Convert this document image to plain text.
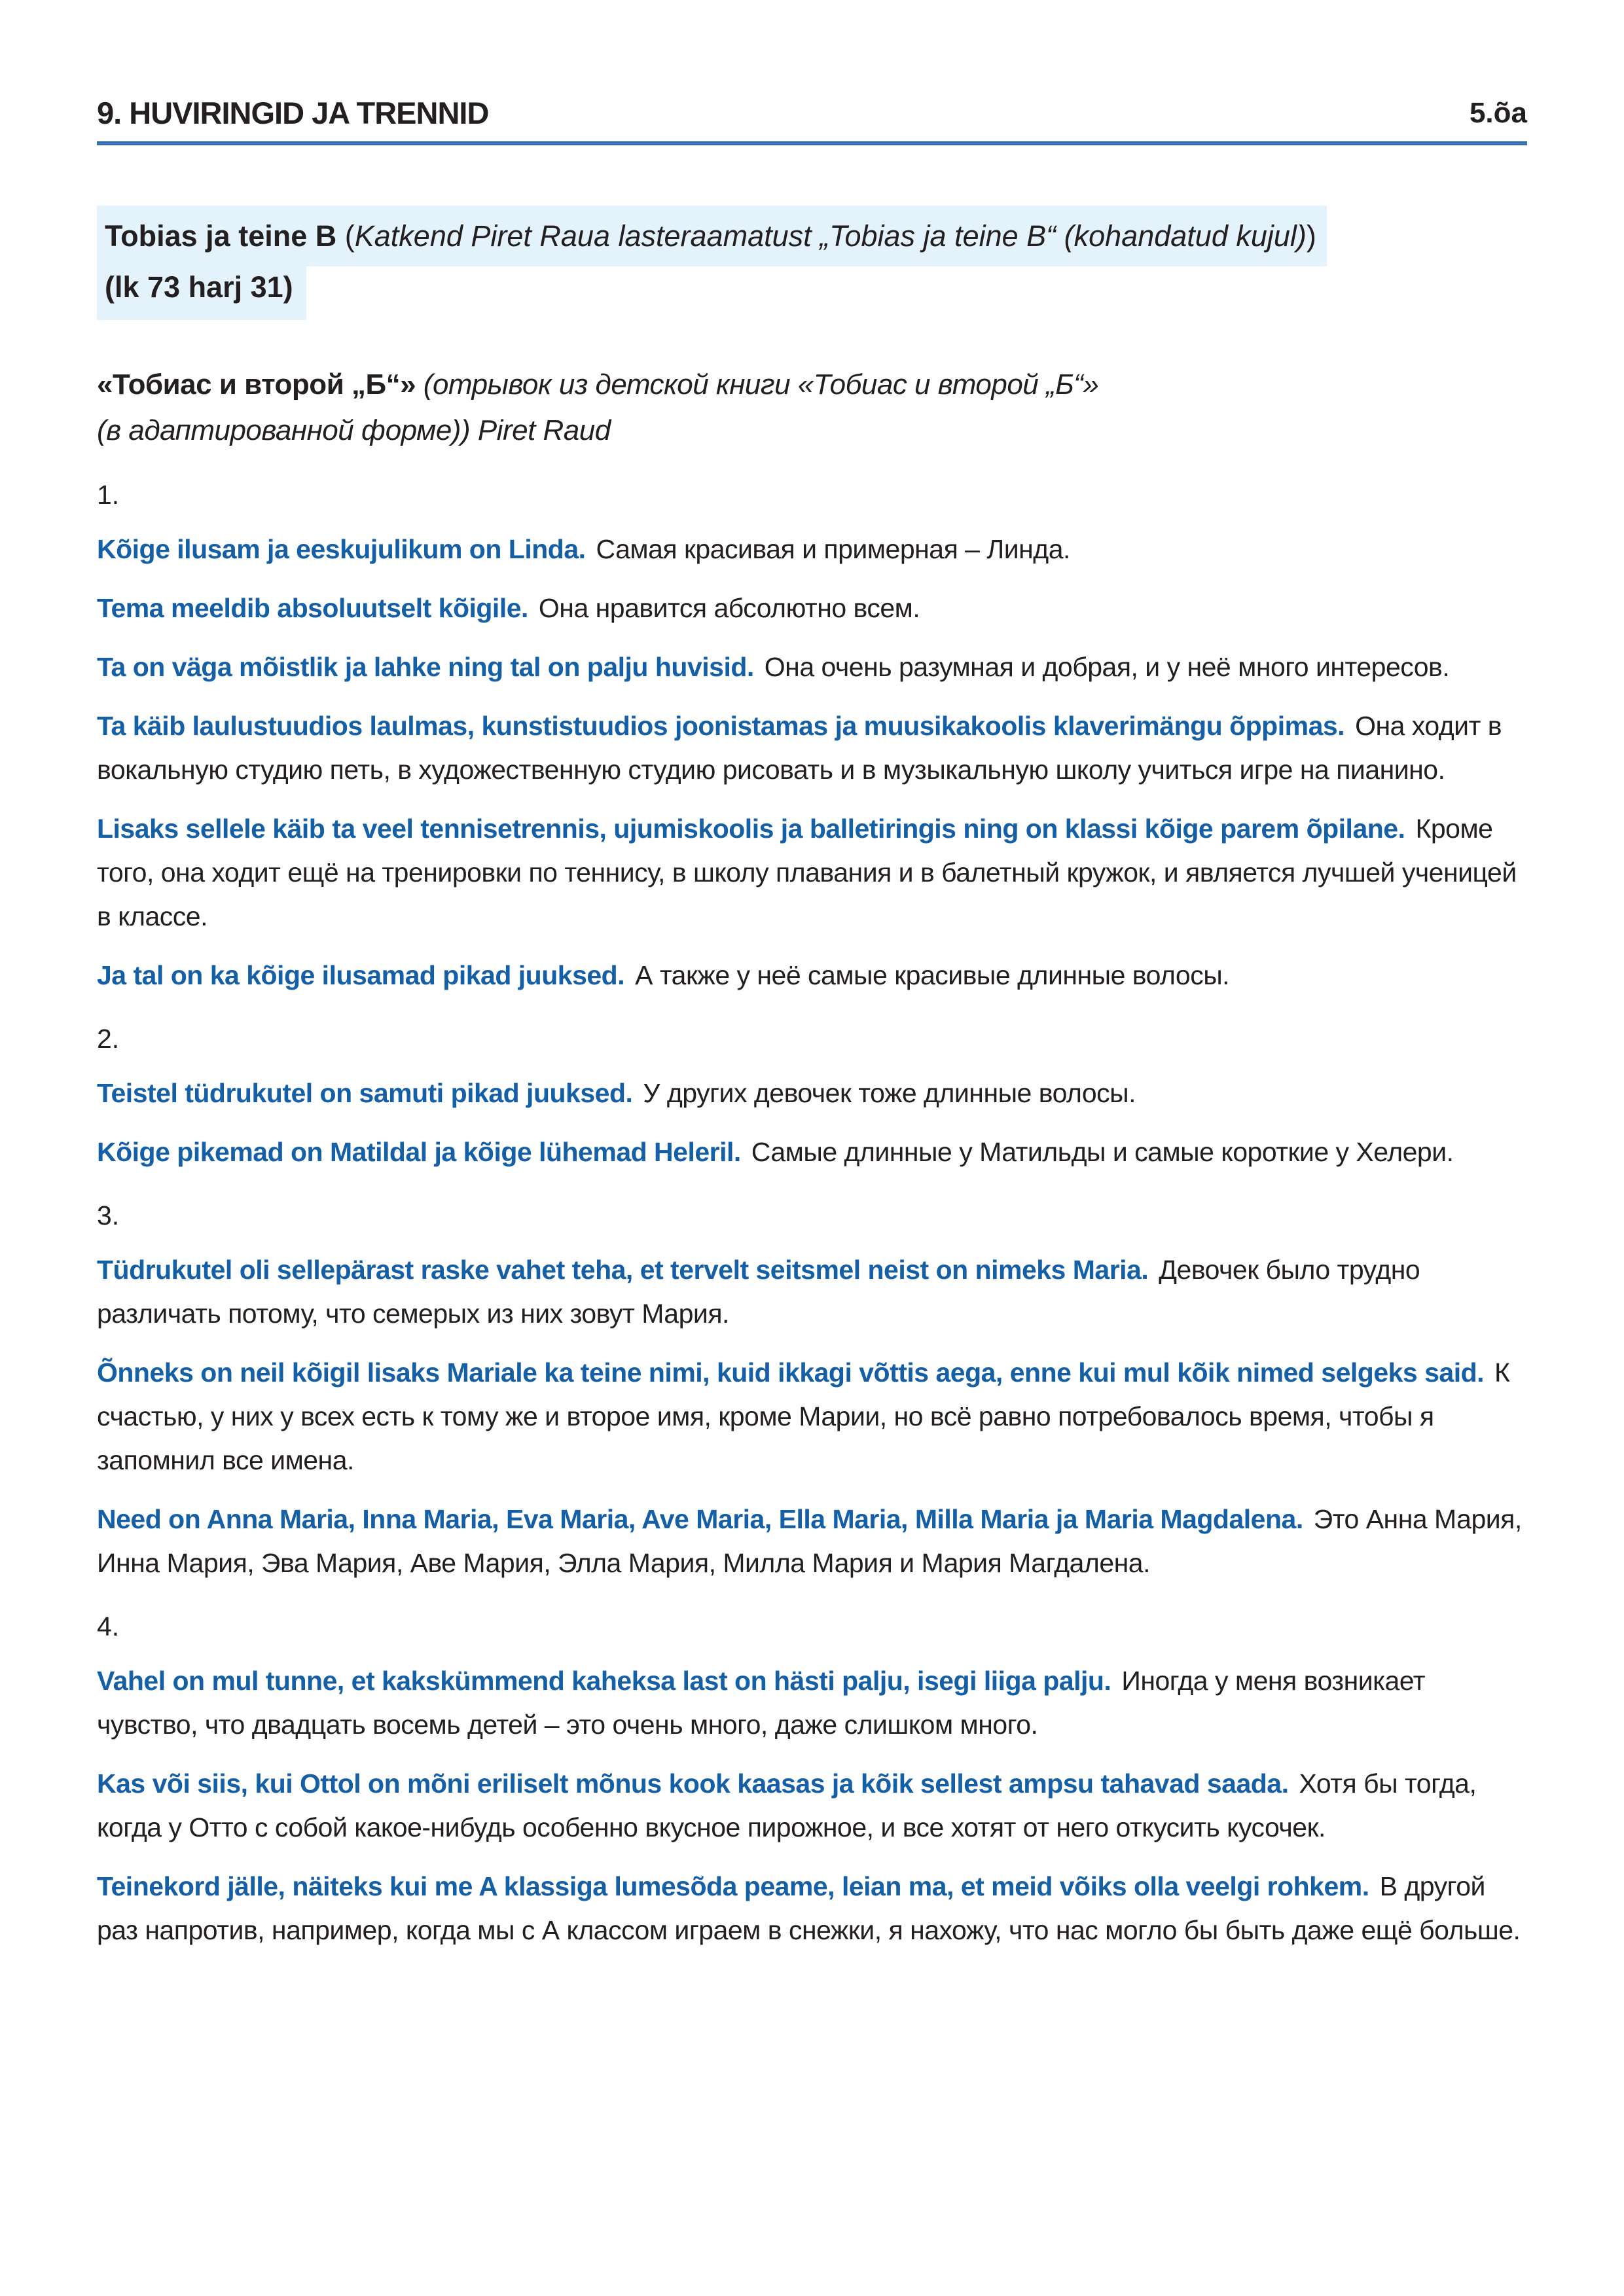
9. HUVIRINGID JA TRENNID	5.õa
Tobias ja teine B (Katkend Piret Raua lasteraamatust „Tobias ja teine B“ (kohandatud kujul))
(lk 73 harj 31)
«Тобиас и второй „Б“» (отрывок из детской книги «Тобиас и второй „Б“»
(в адаптированной форме)) Piret Raud
1.

Kõige ilusam ja eeskujulikum on Linda. Самая красивая и примерная – Линда.

Tema meeldib absoluutselt kõigile. Она нравится абсолютно всем.

Ta on väga mõistlik ja lahke ning tal on palju huvisid. Она очень разумная и добрая, и у неё много интересов.

Ta käib laulustuudios laulmas, kunstistuudios joonistamas ja muusikakoolis klaverimängu õppimas. Она ходит в вокальную студию петь, в художественную студию рисовать и в музыкальную школу учиться игре на пианино.

Lisaks sellele käib ta veel tennisetrennis, ujumiskoolis ja balletiringis ning on klassi kõige parem õpilane. Кроме того, она ходит ещё на тренировки по теннису, в школу плавания и в балетный кружок, и является лучшей ученицей в классе.

Ja tal on ka kõige ilusamad pikad juuksed. А также у неё самые красивые длинные волосы.

2.

Teistel tüdrukutel on samuti pikad juuksed. У других девочек тоже длинные волосы.

Kõige pikemad on Matildal ja kõige lühemad Heleril. Самые длинные у Матильды и самые короткие у Хелери.

3.

Tüdrukutel oli sellepärast raske vahet teha, et tervelt seitsmel neist on nimeks Maria. Девочек было трудно различать потому, что семерых из них зовут Мария.

Õnneks on neil kõigil lisaks Mariale ka teine nimi, kuid ikkagi võttis aega, enne kui mul kõik nimed selgeks said. К счастью, у них у всех есть к тому же и второе имя, кроме Марии, но всё равно потребовалось время, чтобы я запомнил все имена.

Need on Anna Maria, Inna Maria, Eva Maria, Ave Maria, Ella Maria, Milla Maria ja Maria Magdalena. Это Анна Мария, Инна Мария, Эва Мария, Аве Мария, Элла Мария, Милла Мария и Мария Магдалена.

4.

Vahel on mul tunne, et kakskümmend kaheksa last on hästi palju, isegi liiga palju. Иногда у меня возникает чувство, что двадцать восемь детей – это очень много, даже слишком много.

Kas või siis, kui Ottol on mõni eriliselt mõnus kook kaasas ja kõik sellest ampsu tahavad saada. Хотя бы тогда, когда у Отто с собой какое-нибудь особенно вкусное пирожное, и все хотят от него откусить кусочек.

Teinekord jälle, näiteks kui me A klassiga lumesõda peame, leian ma, et meid võiks olla veelgi rohkem. В другой раз напротив, например, когда мы с А классом играем в снежки, я нахожу, что нас могло бы быть даже ещё больше.
